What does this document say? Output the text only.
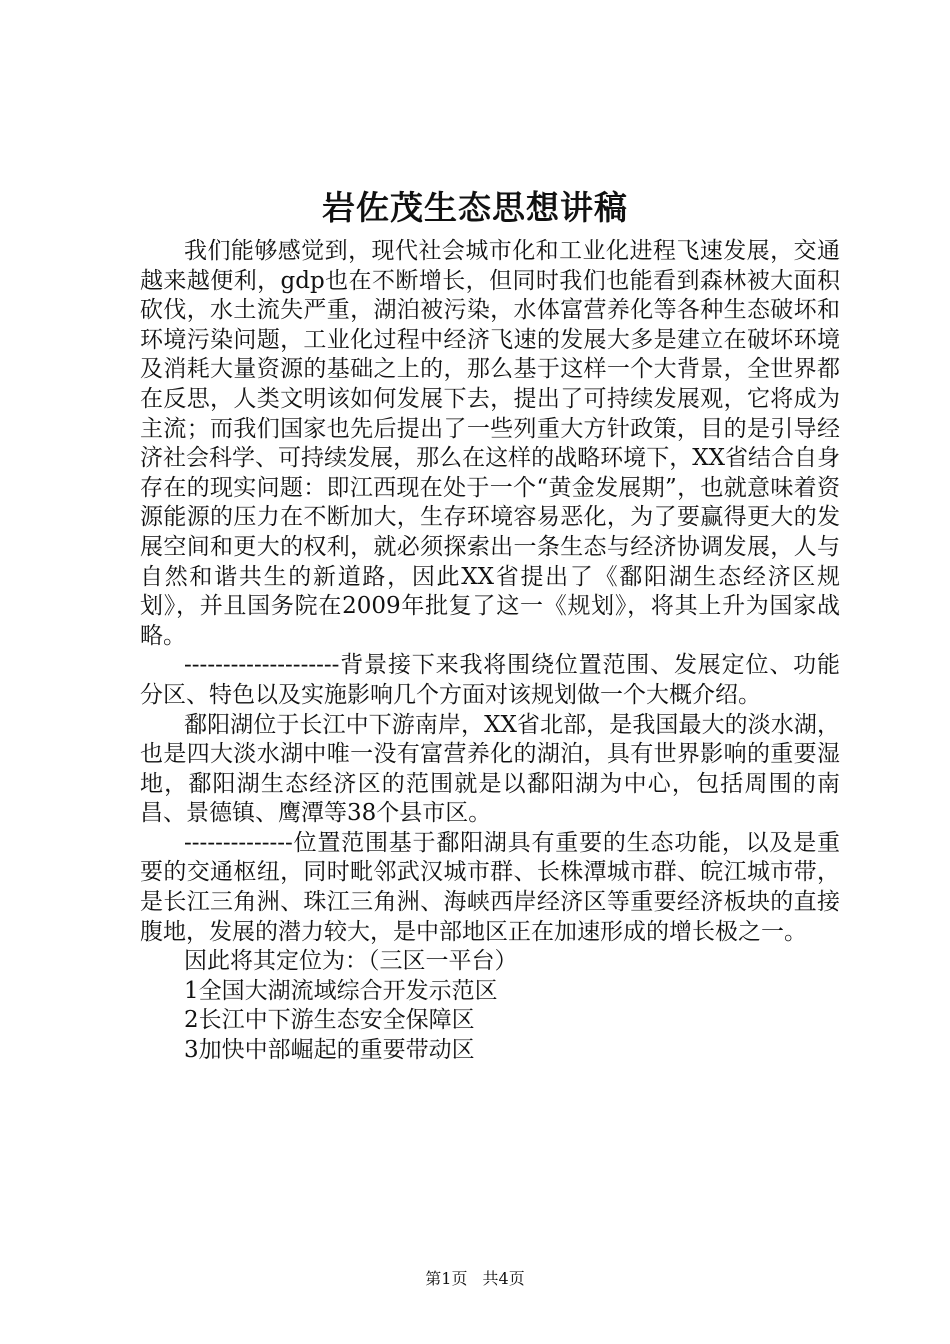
岩佐茂生态思想讲稿

我们能够感觉到，现代社会城市化和工业化进程飞速发展，交通越来越便利，gdp也在不断增长，但同时我们也能看到森林被大面积砍伐，水土流失严重，湖泊被污染，水体富营养化等各种生态破坏和环境污染问题，工业化过程中经济飞速的发展大多是建立在破坏环境及消耗大量资源的基础之上的，那么基于这样一个大背景，全世界都在反思，人类文明该如何发展下去，提出了可持续发展观，它将成为主流；而我们国家也先后提出了一些列重大方针政策，目的是引导经济社会科学、可持续发展，那么在这样的战略环境下，XX省结合自身存在的现实问题：即江西现在处于一个“黄金发展期”，也就意味着资源能源的压力在不断加大，生存环境容易恶化，为了要赢得更大的发展空间和更大的权利，就必须探索出一条生态与经济协调发展，人与自然和谐共生的新道路，因此XX省提出了《鄱阳湖生态经济区规划》，并且国务院在2009年批复了这一《规划》，将其上升为国家战略。

--------------------背景接下来我将围绕位置范围、发展定位、功能分区、特色以及实施影响几个方面对该规划做一个大概介绍。

鄱阳湖位于长江中下游南岸，XX省北部，是我国最大的淡水湖，也是四大淡水湖中唯一没有富营养化的湖泊，具有世界影响的重要湿地，鄱阳湖生态经济区的范围就是以鄱阳湖为中心，包括周围的南昌、景德镇、鹰潭等38个县市区。

--------------位置范围基于鄱阳湖具有重要的生态功能，以及是重要的交通枢纽，同时毗邻武汉城市群、长株潭城市群、皖江城市带，是长江三角洲、珠江三角洲、海峡西岸经济区等重要经济板块的直接腹地，发展的潜力较大，是中部地区正在加速形成的增长极之一。

因此将其定位为：（三区一平台）

1全国大湖流域综合开发示范区

2长江中下游生态安全保障区

3加快中部崛起的重要带动区

第1页 共4页
